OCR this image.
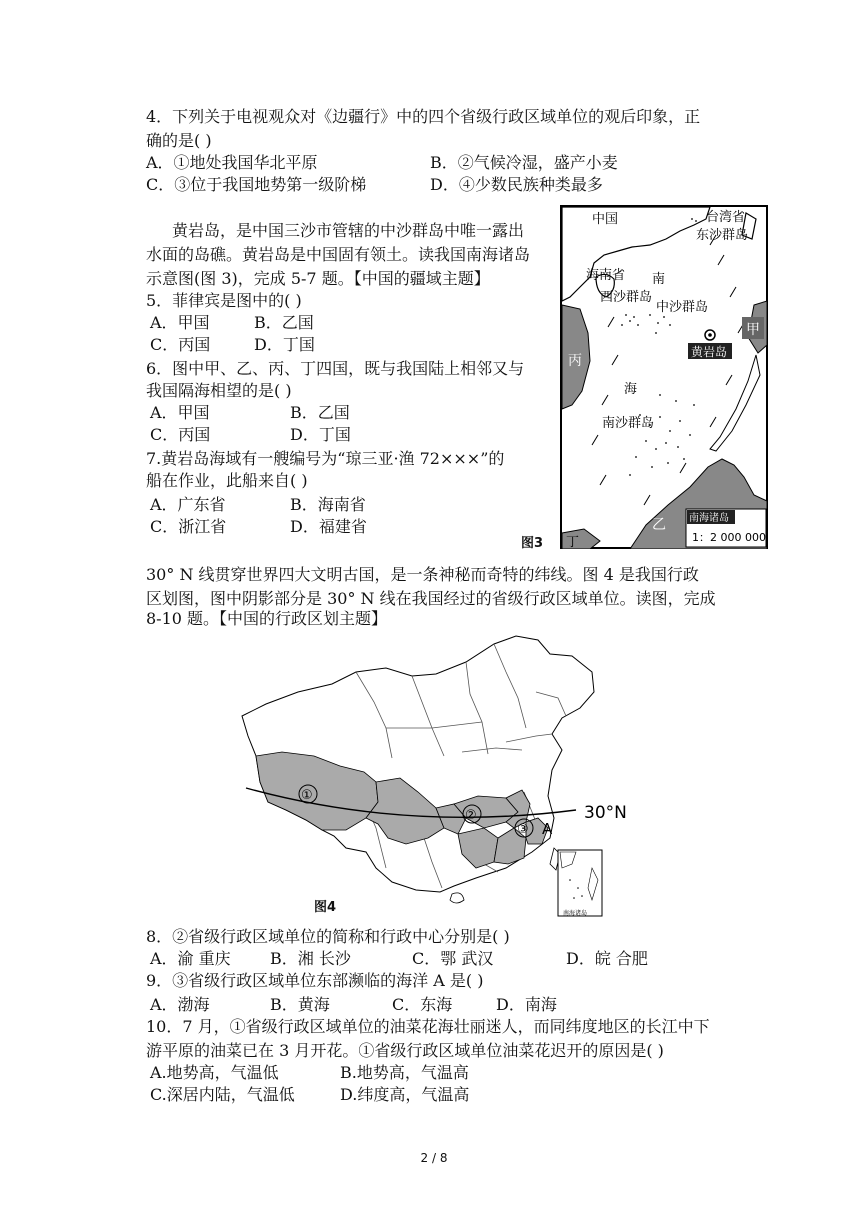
4．下列关于电视观众对《边疆行》中的四个省级行政区域单位的观后印象，正
确的是( )
A．①地处我国华北平原	B．②气候冷湿，盛产小麦
C．③位于我国地势第一级阶梯	D．④少数民族种类最多
黄岩岛，是中国三沙市管辖的中沙群岛中唯一露出
水面的岛礁。黄岩岛是中国固有领土。读我国南海诸岛
示意图(图 3)，完成 5-7 题。【中国的疆域主题】
5．菲律宾是图中的( )
A．甲国	B．乙国
C．丙国	D．丁国
6．图中甲、乙、丙、丁四国，既与我国陆上相邻又与
我国隔海相望的是( )
A．甲国	B．乙国
C．丙国	D．丁国
7.黄岩岛海域有一艘编号为“琼三亚·渔 72×××”的
船在作业，此船来自( )
A．广东省	B．海南省
C．浙江省	D．福建省
图3
中国	台湾省
东沙群岛
海南省 南
西沙群岛
中沙群岛
甲
黄岩岛
丙
海
南沙群岛
乙
丁
南海诸岛
1：2 000 000
30° N 线贯穿世界四大文明古国，是一条神秘而奇特的纬线。图 4 是我国行政
区划图，图中阴影部分是 30° N 线在我国经过的省级行政区域单位。读图，完成
8-10 题。【中国的行政区划主题】
①
②
③
30°N
A
南海诸岛
图4
8．②省级行政区域单位的简称和行政中心分别是( )
A．渝 重庆 B．湘 长沙	C．鄂 武汉	D．皖 合肥
9．③省级行政区域单位东部濒临的海洋 A 是( )
A．渤海	B．黄海	C．东海	D．南海
10．7 月，①省级行政区域单位的油菜花海壮丽迷人，而同纬度地区的长江中下
游平原的油菜已在 3 月开花。①省级行政区域单位油菜花迟开的原因是( )
A.地势高，气温低	B.地势高，气温高
C.深居内陆，气温低	D.纬度高，气温高
2 / 8
